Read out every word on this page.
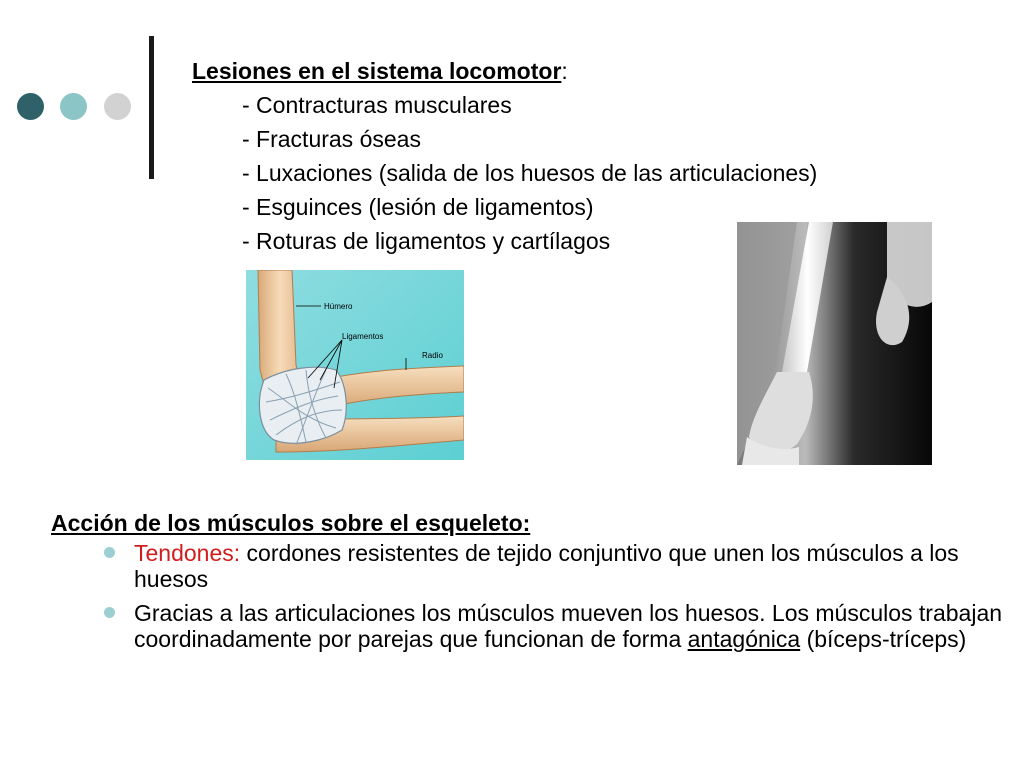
Lesiones en el sistema locomotor:

- Contracturas musculares
- Fracturas óseas
- Luxaciones (salida de los huesos de las articulaciones)
- Esguinces (lesión de ligamentos)
- Roturas de ligamentos y cartílagos
Húmero
Ligamentos
Radio

Acción de los músculos sobre el esqueleto:

Tendones: cordones resistentes de tejido conjuntivo que unen los músculos a los huesos
Gracias a las articulaciones los músculos mueven los huesos. Los músculos trabajan coordinadamente por parejas que funcionan de forma antagónica (bíceps-tríceps)
